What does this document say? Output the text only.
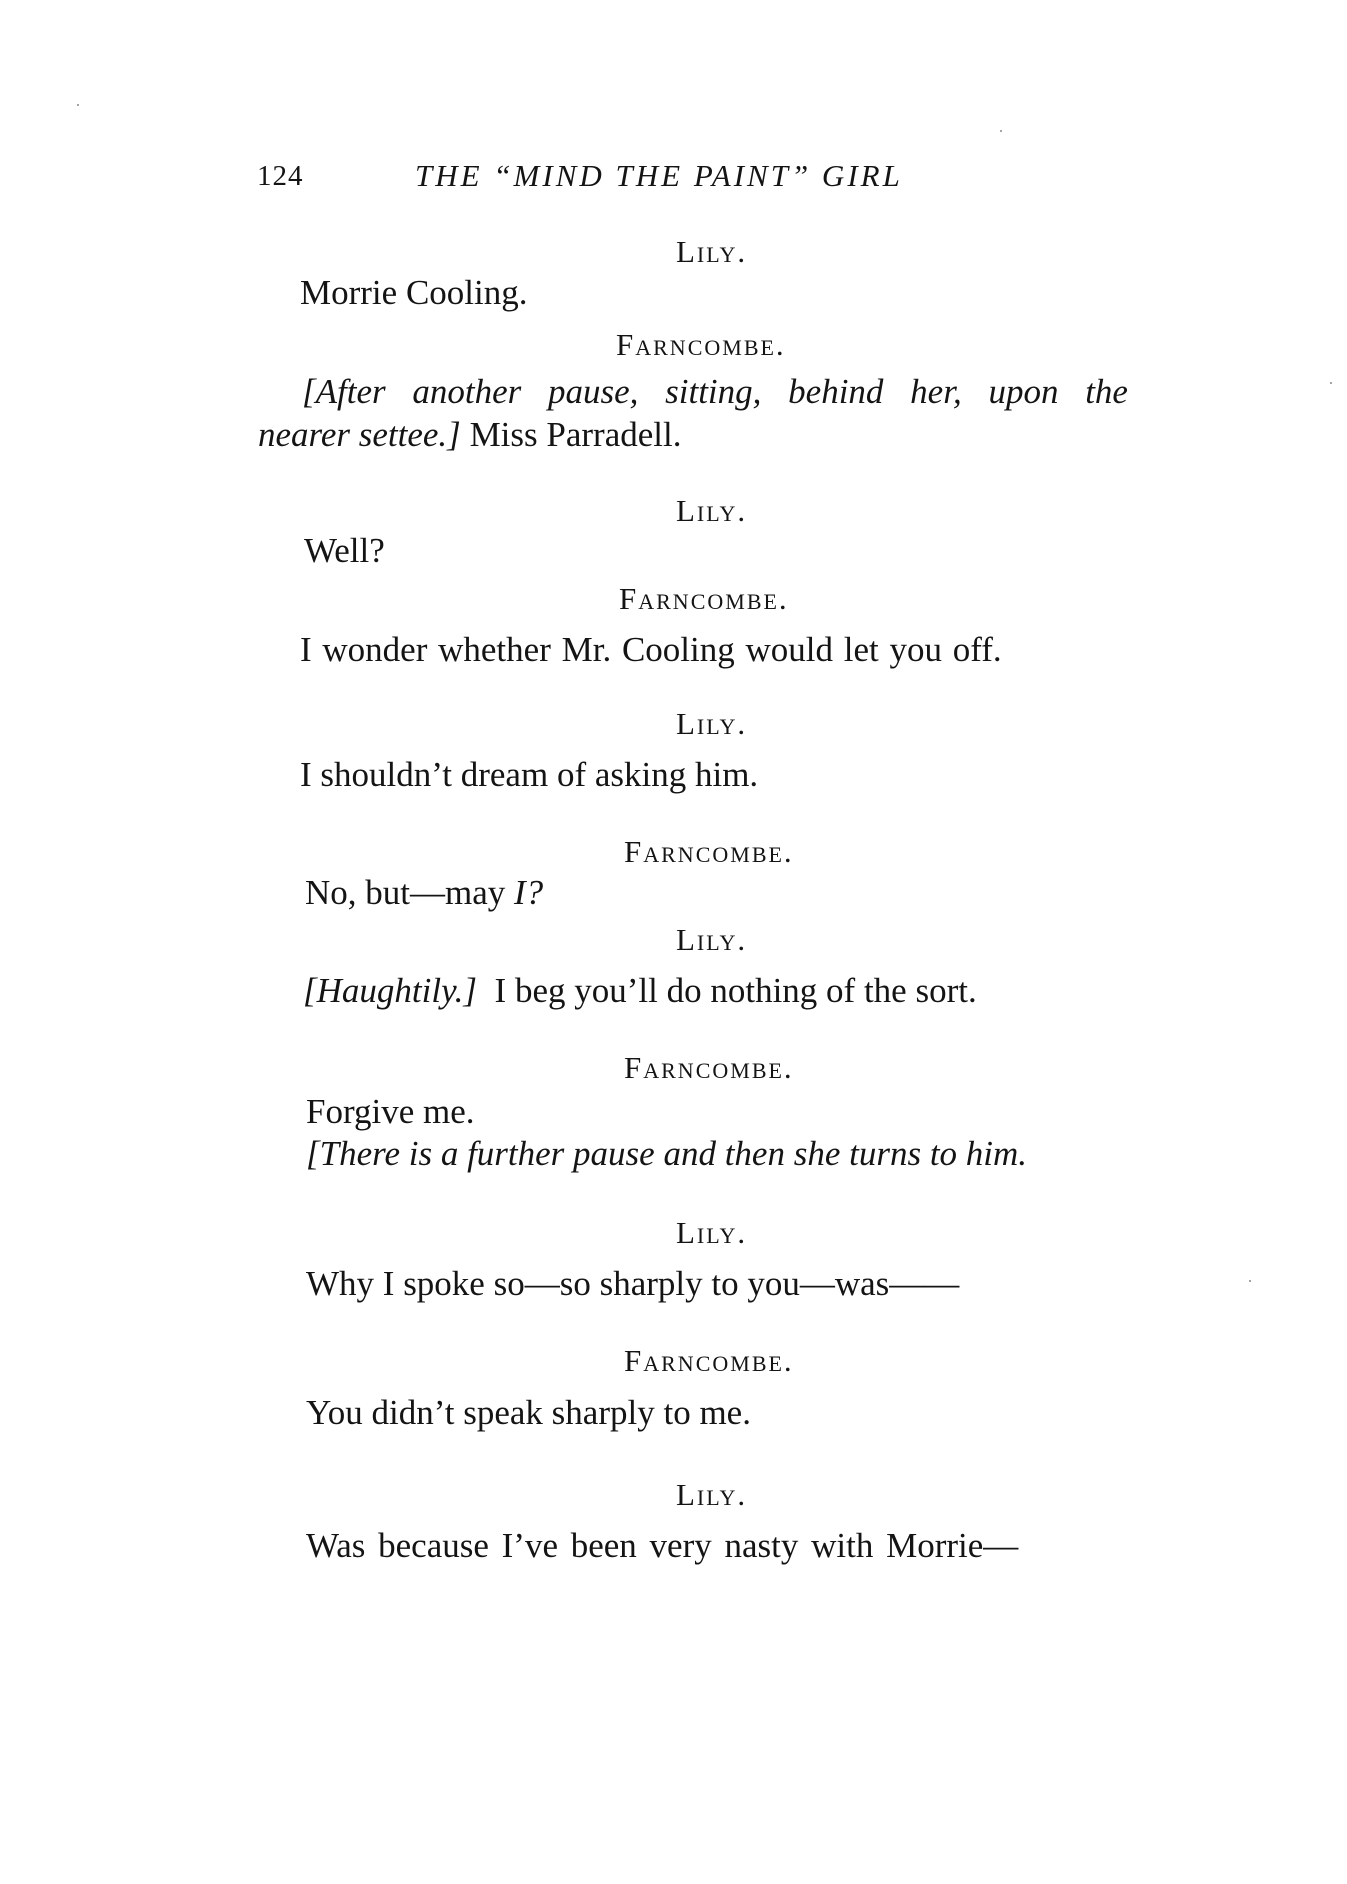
124	THE “MIND THE PAINT” GIRL
Lily.
Morrie Cooling.
Farncombe.
[After another pause, sitting, behind her, upon the
nearer settee.] Miss Parradell.
Lily.
Well?
Farncombe.
I wonder whether Mr. Cooling would let you off.
Lily.
I shouldn’t dream of asking him.
Farncombe.
No, but—may I?
Lily.
[Haughtily.] I beg you’ll do nothing of the sort.
Farncombe.
Forgive me.
[There is a further pause and then she turns to him.
Lily.
Why I spoke so—so sharply to you—was——
Farncombe.
You didn’t speak sharply to me.
Lily.
Was because I’ve been very nasty with Morrie—
